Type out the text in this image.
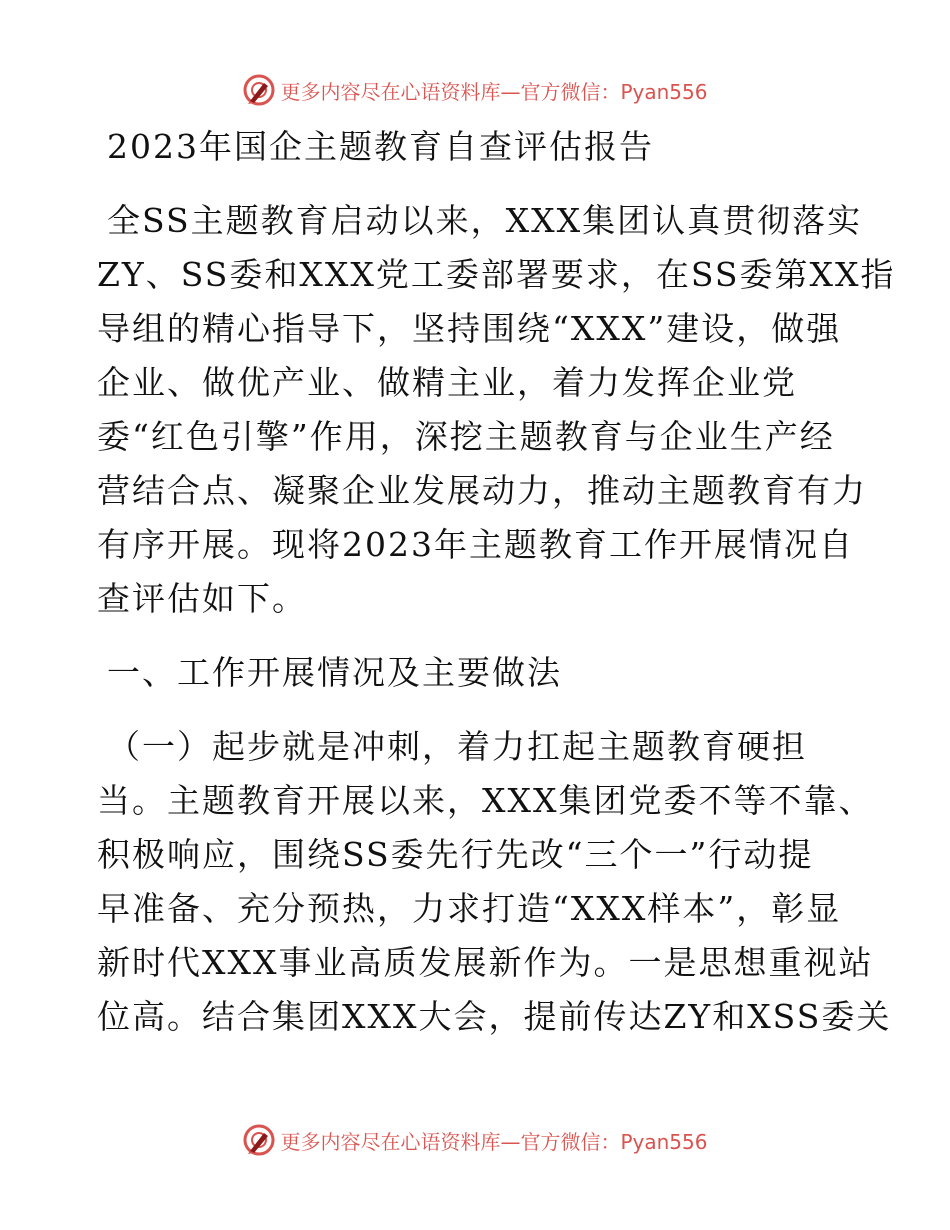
更多内容尽在心语资料库—官方微信：Pyan556
2023年国企主题教育自查评估报告
全SS主题教育启动以来，XXX集团认真贯彻落实
ZY、SS委和XXX党工委部署要求，在SS委第XX指
导组的精心指导下，坚持围绕“XXX”建设，做强
企业、做优产业、做精主业，着力发挥企业党
委“红色引擎”作用，深挖主题教育与企业生产经
营结合点、凝聚企业发展动力，推动主题教育有力
有序开展。现将2023年主题教育工作开展情况自
查评估如下。
一、工作开展情况及主要做法
（一）起步就是冲刺，着力扛起主题教育硬担
当。主题教育开展以来，XXX集团党委不等不靠、
积极响应，围绕SS委先行先改“三个一”行动提
早准备、充分预热，力求打造“XXX样本”，彰显
新时代XXX事业高质发展新作为。一是思想重视站
位高。结合集团XXX大会，提前传达ZY和XSS委关
更多内容尽在心语资料库—官方微信：Pyan556
